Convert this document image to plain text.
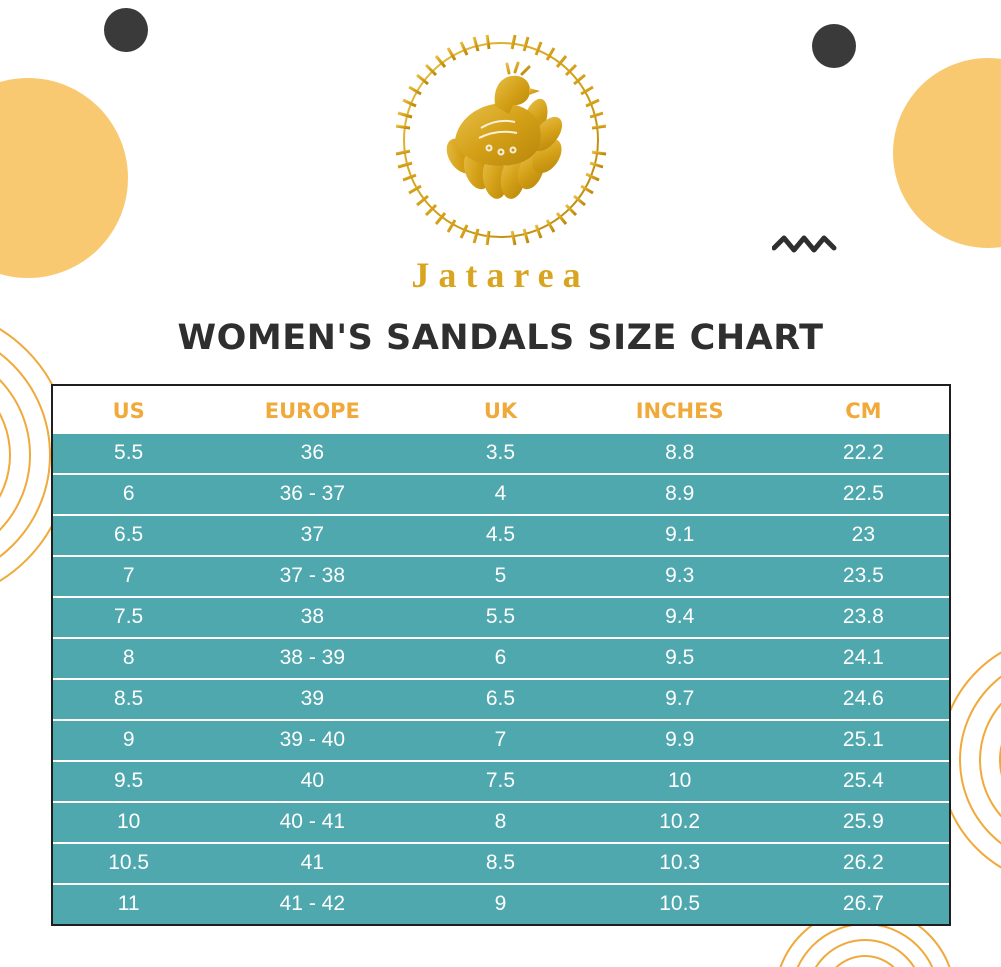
Jatarea
WOMEN'S SANDALS SIZE CHART
US	EUROPE	UK	INCHES	CM
5.5	36	3.5	8.8	22.2
6	36 - 37	4	8.9	22.5
6.5	37	4.5	9.1	23
7	37 - 38	5	9.3	23.5
7.5	38	5.5	9.4	23.8
8	38 - 39	6	9.5	24.1
8.5	39	6.5	9.7	24.6
9	39 - 40	7	9.9	25.1
9.5	40	7.5	10	25.4
10	40 - 41	8	10.2	25.9
10.5	41	8.5	10.3	26.2
11	41 - 42	9	10.5	26.7
